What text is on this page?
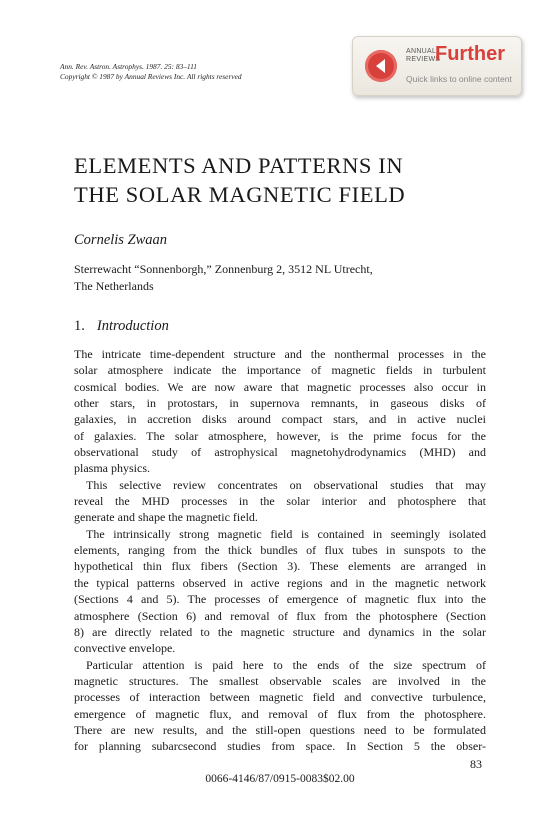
Ann. Rev. Astron. Astrophys. 1987. 25: 83–111
Copyright © 1987 by Annual Reviews Inc. All rights reserved
ANNUAL
REVIEWS
Further
Quick links to online content
ELEMENTS AND PATTERNS IN
THE SOLAR MAGNETIC FIELD
Cornelis Zwaan
Sterrewacht “Sonnenborgh,” Zonnenburg 2, 3512 NL Utrecht,
The Netherlands
1. Introduction
The intricate time-dependent structure and the nonthermal processes in the
solar atmosphere indicate the importance of magnetic fields in turbulent
cosmical bodies. We are now aware that magnetic processes also occur in
other stars, in protostars, in supernova remnants, in gaseous disks of
galaxies, in accretion disks around compact stars, and in active nuclei
of galaxies. The solar atmosphere, however, is the prime focus for the
observational study of astrophysical magnetohydrodynamics (MHD) and
plasma physics.
This selective review concentrates on observational studies that may
reveal the MHD processes in the solar interior and photosphere that
generate and shape the magnetic field.
The intrinsically strong magnetic field is contained in seemingly isolated
elements, ranging from the thick bundles of flux tubes in sunspots to the
hypothetical thin flux fibers (Section 3). These elements are arranged in
the typical patterns observed in active regions and in the magnetic network
(Sections 4 and 5). The processes of emergence of magnetic flux into the
atmosphere (Section 6) and removal of flux from the photosphere (Section
8) are directly related to the magnetic structure and dynamics in the solar
convective envelope.
Particular attention is paid here to the ends of the size spectrum of
magnetic structures. The smallest observable scales are involved in the
processes of interaction between magnetic field and convective turbulence,
emergence of magnetic flux, and removal of flux from the photosphere.
There are new results, and the still-open questions need to be formulated
for planning subarcsecond studies from space. In Section 5 the obser-
83
0066-4146/87/0915-0083$02.00
